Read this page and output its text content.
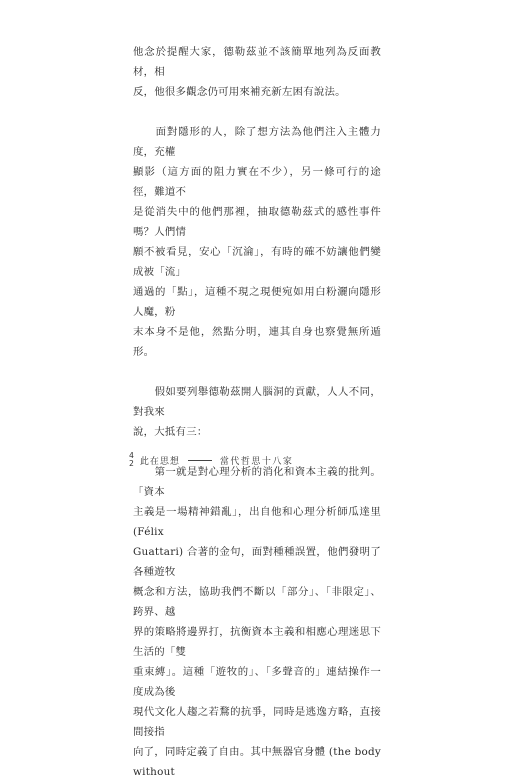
他念於提醒大家，德勒茲並不該簡單地列為反面教材，相
反，他很多觀念仍可用來補充新左困有說法。

　　面對隱形的人，除了想方法為他們注入主體力度，充權
顯影（這方面的阻力實在不少），另一條可行的途徑，難道不
是從消失中的他們那裡，抽取德勒茲式的感性事件嗎？人們情
願不被看見，安心「沉淪」，有時的確不妨讓他們變成被「流」
通過的「點」，這種不現之現便宛如用白粉灑向隱形人魔，粉
末本身不是他，然點分明，連其自身也察覺無所遁形。

　　假如要列舉德勒茲開人腦洞的貢獻，人人不同，對我來
說，大抵有三：

　　第一就是對心理分析的消化和資本主義的批判。「資本
主義是一場精神錯亂」，出自他和心理分析師瓜達里 (Félix
Guattari) 合著的金句，面對種種誤置，他們發明了各種遊牧
概念和方法，協助我們不斷以「部分」、「非限定」、跨界、越
界的策略將邊界打，抗衡資本主義和相應心理迷思下生活的「雙
重束縛」。這種「遊牧的」、「多聲音的」連結操作一度成為後
現代文化人趨之若鶩的抗爭，同時是逃逸方略，直接間接指
向了，同時定義了自由。其中無器官身體 (the body without

4
2 此在思想	當代哲思十八家
